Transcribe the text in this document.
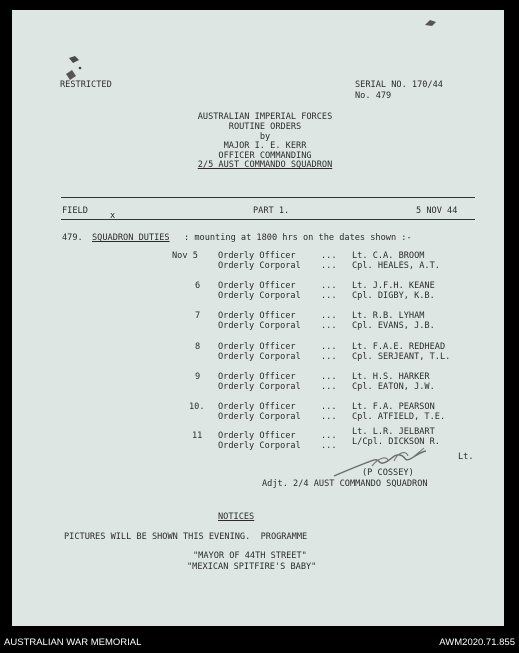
RESTRICTED	SERIAL NO. 170/44
No. 479
AUSTRALIAN IMPERIAL FORCES
ROUTINE ORDERS
by
MAJOR I. E. KERR
OFFICER COMMANDING
2/5 AUST COMMANDO SQUADRON
FIELD	x	PART 1.	5 NOV 44
479. SQUADRON DUTIES : mounting at 1800 hrs on the dates shown :-
Nov 5 Orderly Officer	... Lt. C.A. BROOM
Orderly Corporal ... Cpl. HEALES, A.T.
6 Orderly Officer	... Lt. J.F.H. KEANE
Orderly Corporal ... Cpl. DIGBY, K.B.
7 Orderly Officer	... Lt. R.B. LYHAM
Orderly Corporal ... Cpl. EVANS, J.B.
8 Orderly Officer	... Lt. F.A.E. REDHEAD
Orderly Corporal ... Cpl. SERJEANT, T.L.
9 Orderly Officer	... Lt. H.S. HARKER
Orderly Corporal ... Cpl. EATON, J.W.
10. Orderly Officer	... Lt. F.A. PEARSON
Orderly Corporal ... Cpl. ATFIELD, T.E.
11 Orderly Officer	... Lt. L.R. JELBART
Orderly Corporal ... L/Cpl. DICKSON R.
Lt.
(P COSSEY)
Adjt. 2/4 AUST COMMANDO SQUADRON
NOTICES
PICTURES WILL BE SHOWN THIS EVENING.  PROGRAMME
"MAYOR OF 44TH STREET"
"MEXICAN SPITFIRE'S BABY"
AUSTRALIAN WAR MEMORIAL	AWM2020.71.855
